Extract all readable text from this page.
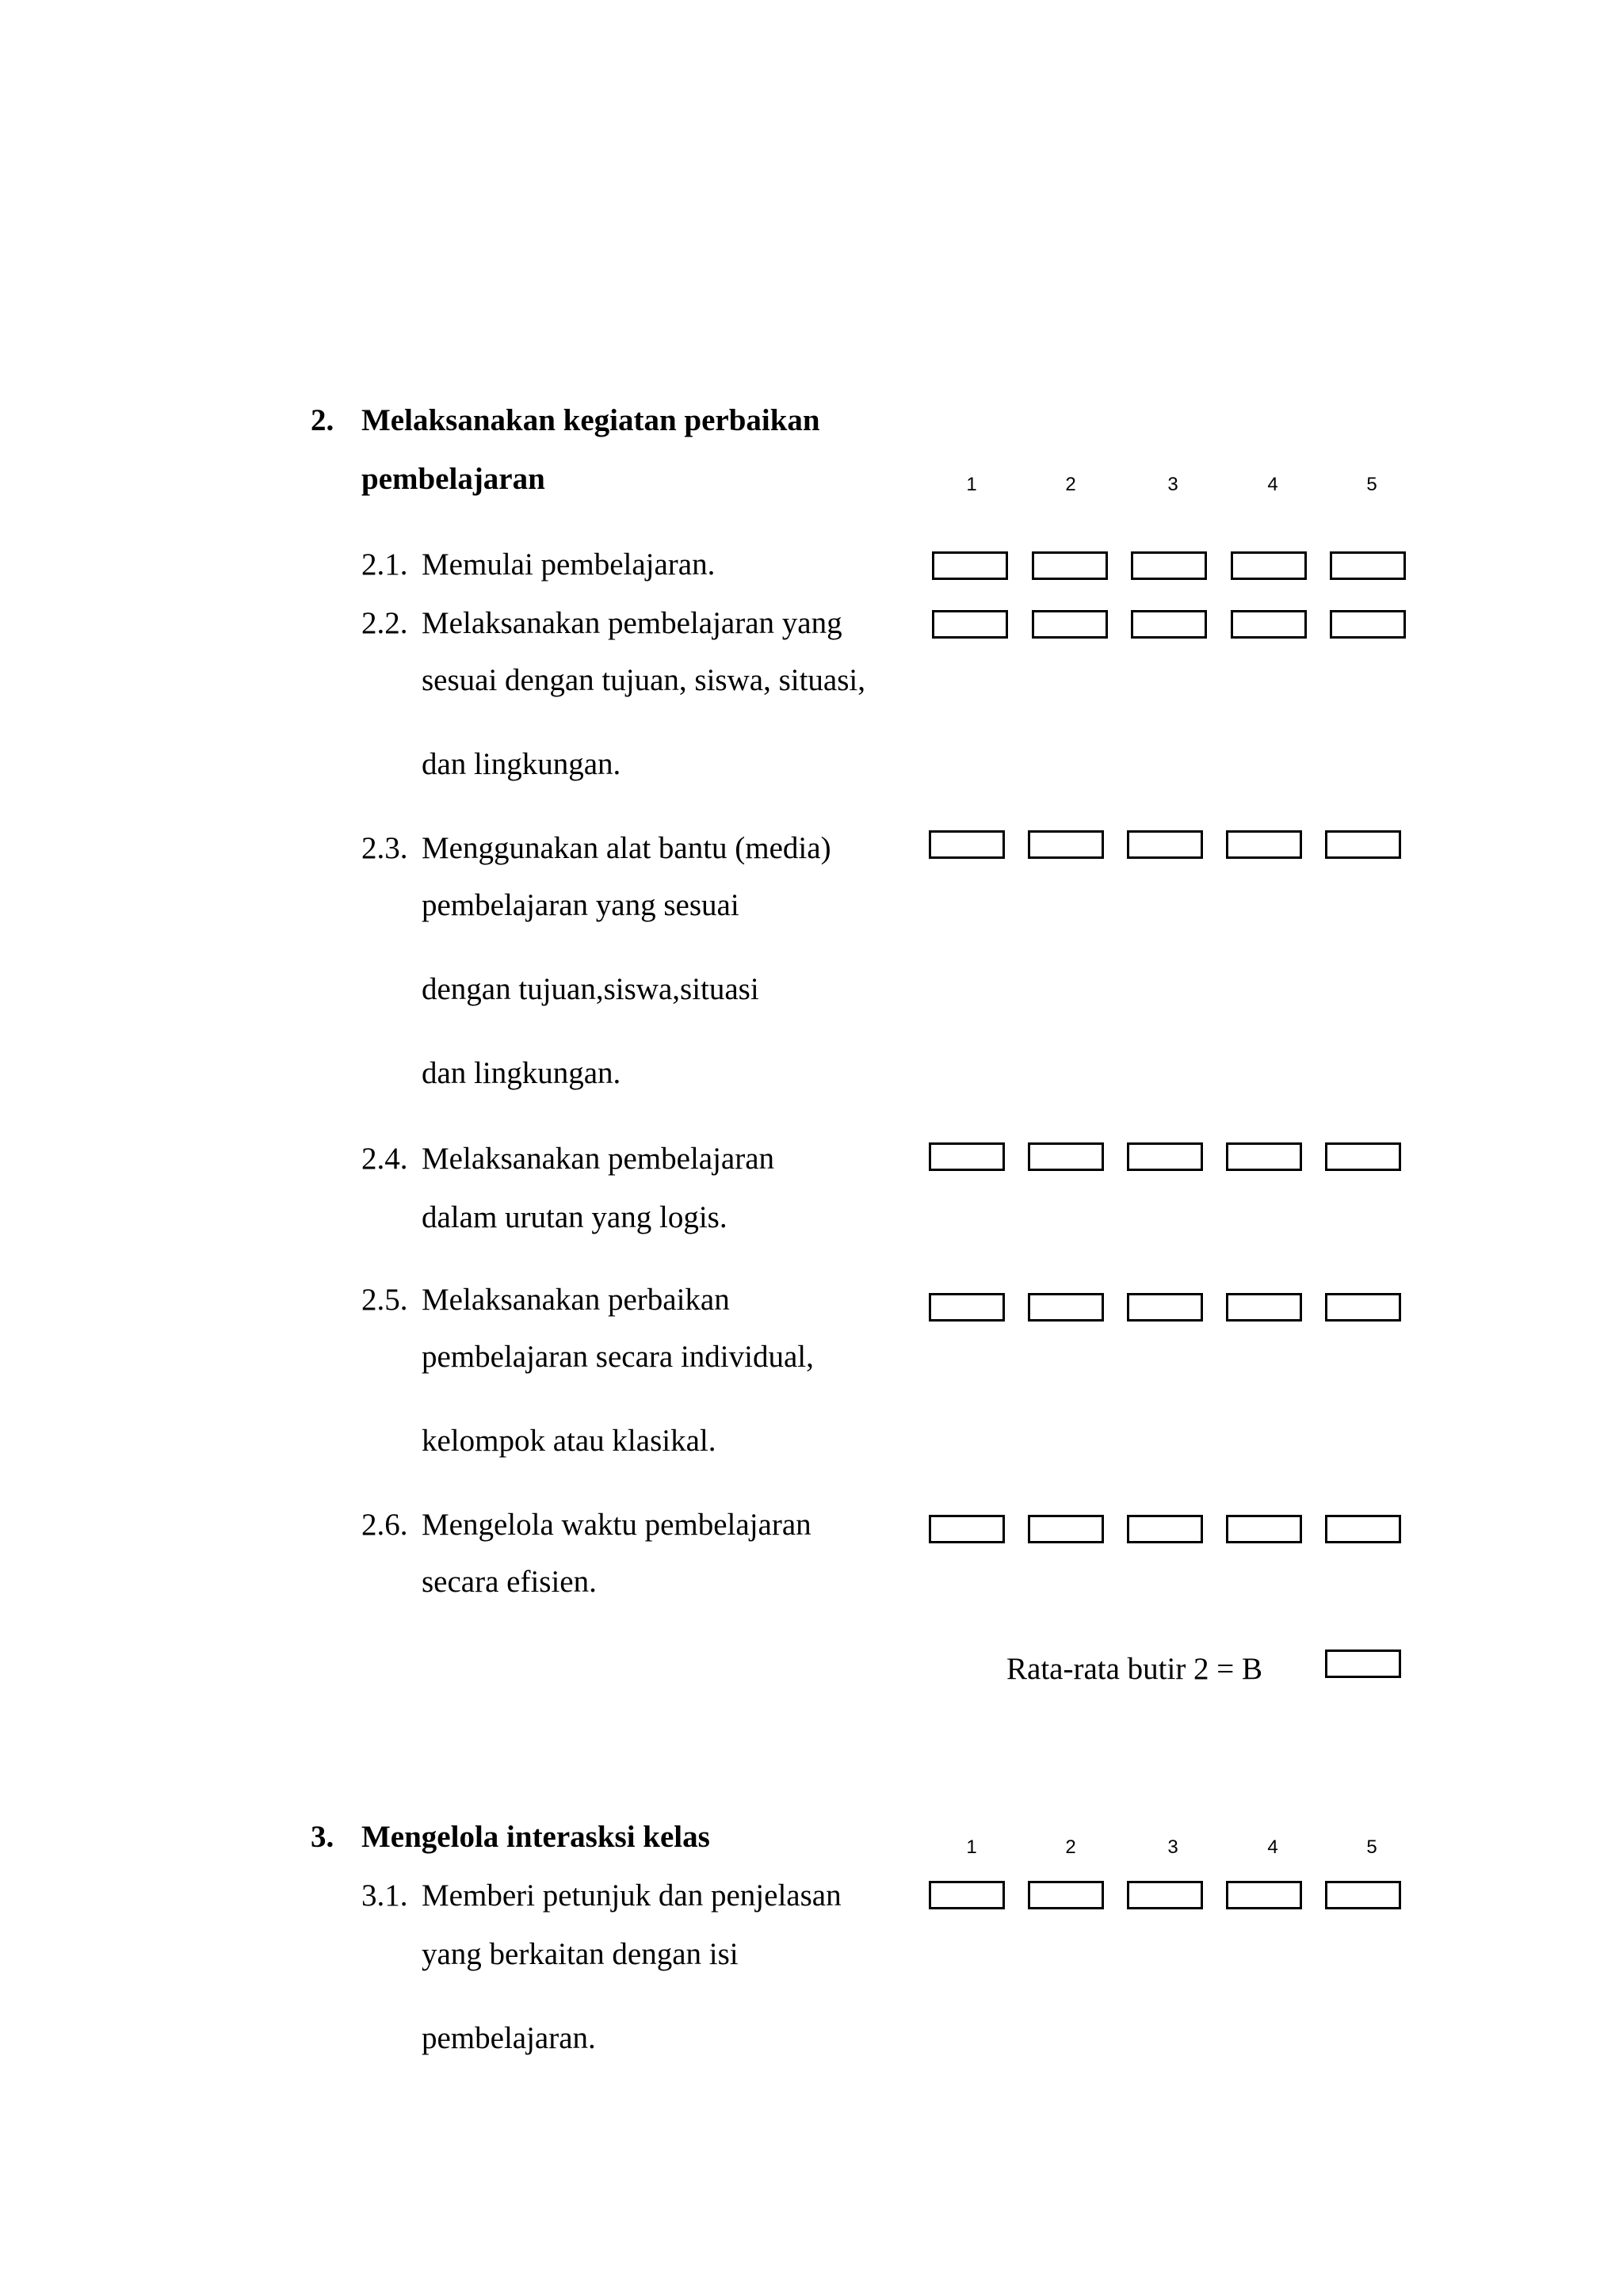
2. Melaksanakan kegiatan perbaikan
pembelajaran	1	2	3	4	5
2.1. Memulai pembelajaran.
2.2. Melaksanakan pembelajaran yang
sesuai dengan tujuan, siswa, situasi,
dan lingkungan.
2.3. Menggunakan alat bantu (media)
pembelajaran yang sesuai
dengan tujuan,siswa,situasi
dan lingkungan.
2.4. Melaksanakan pembelajaran
dalam urutan yang logis.
2.5. Melaksanakan perbaikan
pembelajaran secara individual,
kelompok atau klasikal.
2.6. Mengelola waktu pembelajaran
secara efisien.
Rata-rata butir 2 = B
3. Mengelola interasksi kelas	1	2	3	4	5
3.1. Memberi petunjuk dan penjelasan
yang berkaitan dengan isi
pembelajaran.
